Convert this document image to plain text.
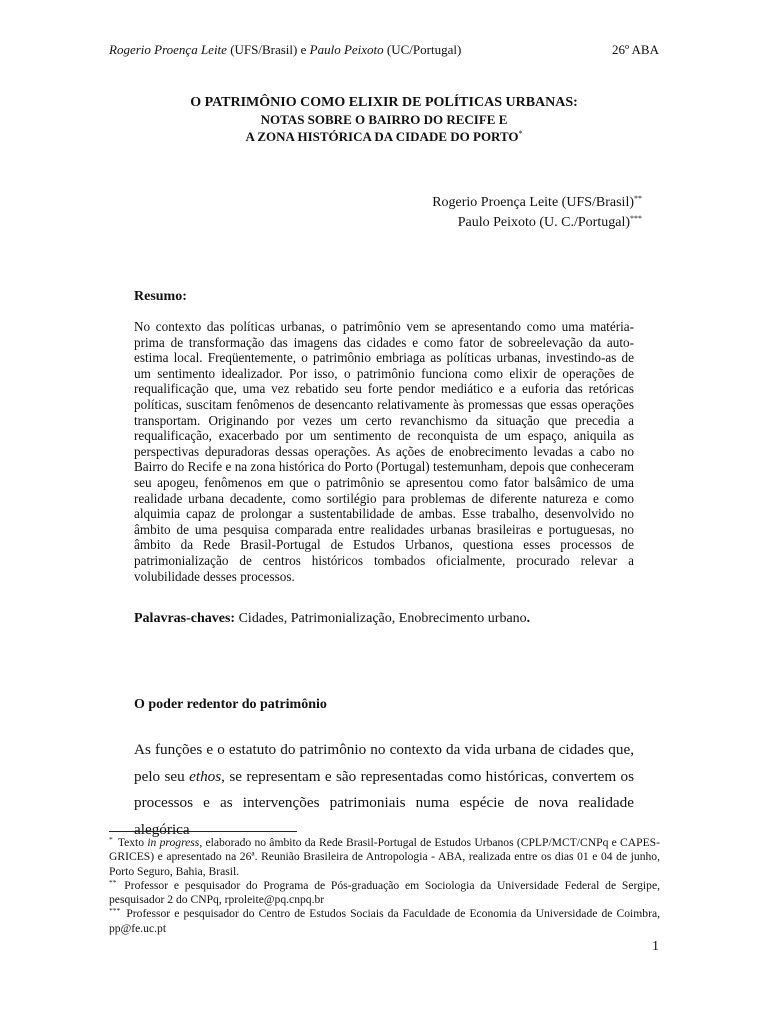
Rogerio Proença Leite (UFS/Brasil) e Paulo Peixoto (UC/Portugal)	26º ABA
O PATRIMÔNIO COMO ELIXIR DE POLÍTICAS URBANAS:
NOTAS SOBRE O BAIRRO DO RECIFE E
A ZONA HISTÓRICA DA CIDADE DO PORTO*
Rogerio Proença Leite (UFS/Brasil)**
Paulo Peixoto (U. C./Portugal)***
Resumo:

No contexto das políticas urbanas, o patrimônio vem se apresentando como uma matéria-prima de transformação das imagens das cidades e como fator de sobreelevação da auto-estima local. Freqüentemente, o patrimônio embriaga as políticas urbanas, investindo-as de um sentimento idealizador. Por isso, o patrimônio funciona como elixir de operações de requalificação que, uma vez rebatido seu forte pendor mediático e a euforia das retóricas políticas, suscitam fenômenos de desencanto relativamente às promessas que essas operações transportam. Originando por vezes um certo revanchismo da situação que precedia a requalificação, exacerbado por um sentimento de reconquista de um espaço, aniquila as perspectivas depuradoras dessas operações. As ações de enobrecimento levadas a cabo no Bairro do Recife e na zona histórica do Porto (Portugal) testemunham, depois que conheceram seu apogeu, fenômenos em que o patrimônio se apresentou como fator balsâmico de uma realidade urbana decadente, como sortilégio para problemas de diferente natureza e como alquimia capaz de prolongar a sustentabilidade de ambas. Esse trabalho, desenvolvido no âmbito de uma pesquisa comparada entre realidades urbanas brasileiras e portuguesas, no âmbito da Rede Brasil-Portugal de Estudos Urbanos, questiona esses processos de patrimonialização de centros históricos tombados oficialmente, procurado relevar a volubilidade desses processos.

Palavras-chaves: Cidades, Patrimonialização, Enobrecimento urbano.
O poder redentor do patrimônio

As funções e o estatuto do patrimônio no contexto da vida urbana de cidades que, pelo seu ethos, se representam e são representadas como históricas, convertem os processos e as intervenções patrimoniais numa espécie de nova realidade alegórica

* Texto in progress, elaborado no âmbito da Rede Brasil-Portugal de Estudos Urbanos (CPLP/MCT/CNPq e CAPES-GRICES) e apresentado na 26ª. Reunião Brasileira de Antropologia - ABA, realizada entre os dias 01 e 04 de junho, Porto Seguro, Bahia, Brasil.

** Professor e pesquisador do Programa de Pós-graduação em Sociologia da Universidade Federal de Sergipe, pesquisador 2 do CNPq, rproleite@pq.cnpq.br

*** Professor e pesquisador do Centro de Estudos Sociais da Faculdade de Economia da Universidade de Coimbra, pp@fe.uc.pt

1
